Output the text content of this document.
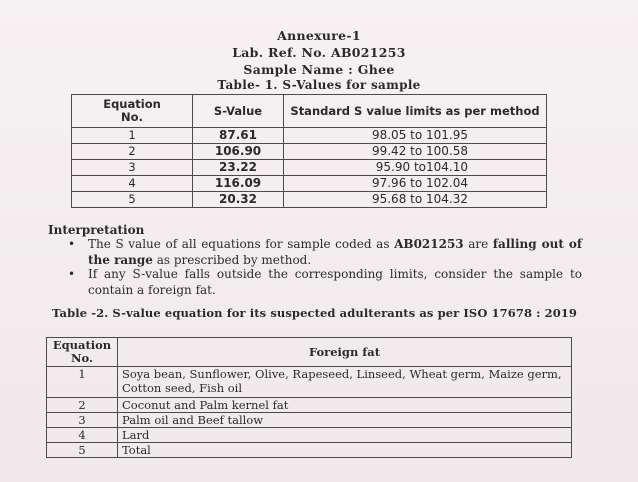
Annexure-1
Lab. Ref. No. AB021253
Sample Name : Ghee
Table- 1. S-Values for sample
Equation
No.	S-Value	Standard S value limits as per method
1	87.61	98.05 to 101.95
2	106.90	99.42 to 100.58
3	23.22	95.90 to104.10
4	116.09	97.96 to 102.04
5	20.32	95.68 to 104.32
Interpretation
•	The S value of all equations for sample coded as AB021253 are falling out of the range as prescribed by method.
•	If any S-value falls outside the corresponding limits, consider the sample to contain a foreign fat.
Table -2. S-value equation for its suspected adulterants as per ISO 17678 : 2019
Equation
No.	Foreign fat
1	Soya bean, Sunflower, Olive, Rapeseed, Linseed, Wheat germ, Maize germ, Cotton seed, Fish oil
2	Coconut and Palm kernel fat
3	Palm oil and Beef tallow
4	Lard
5	Total
